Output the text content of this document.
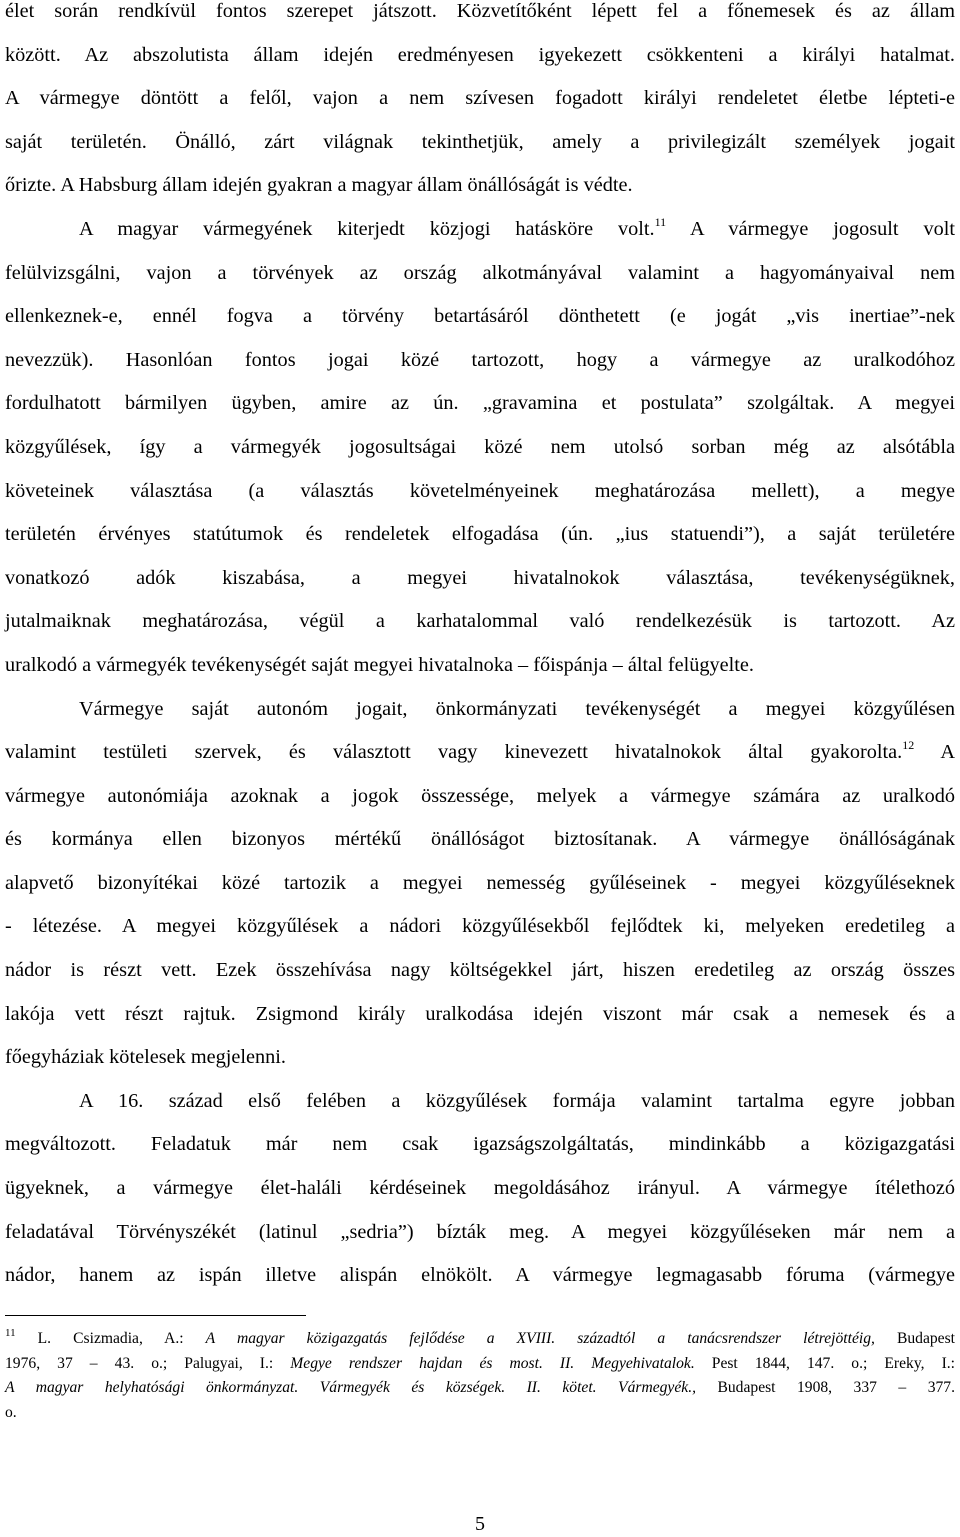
élet során rendkívül fontos szerepet játszott. Közvetítőként lépett fel a főnemesek és az állam
között. Az abszolutista állam idején eredményesen igyekezett csökkenteni a királyi hatalmat.
A vármegye döntött a felől, vajon a nem szívesen fogadott királyi rendeletet életbe lépteti-e
saját területén. Önálló, zárt világnak tekinthetjük, amely a privilegizált személyek jogait
őrizte. A Habsburg állam idején gyakran a magyar állam önállóságát is védte.
A magyar vármegyének kiterjedt közjogi hatásköre volt.$^{11}$ A vármegye jogosult volt
felülvizsgálni, vajon a törvények az ország alkotmányával valamint a hagyományaival nem
ellenkeznek-e, ennél fogva a törvény betartásáról dönthetett (e jogát „vis inertiae”-nek
nevezzük). Hasonlóan fontos jogai közé tartozott, hogy a vármegye az uralkodóhoz
fordulhatott bármilyen ügyben, amire az ún. „gravamina et postulata” szolgáltak. A megyei
közgyűlések, így a vármegyék jogosultságai közé nem utolsó sorban még az alsótábla
követeinek választása (a választás követelményeinek meghatározása mellett), a megye
területén érvényes statútumok és rendeletek elfogadása (ún. „ius statuendi”), a saját területére
vonatkozó adók kiszabása, a megyei hivatalnokok választása, tevékenységüknek,
jutalmaiknak meghatározása, végül a karhatalommal való rendelkezésük is tartozott. Az
uralkodó a vármegyék tevékenységét saját megyei hivatalnoka – főispánja – által felügyelte.
Vármegye saját autonóm jogait, önkormányzati tevékenységét a megyei közgyűlésen
valamint testületi szervek, és választott vagy kinevezett hivatalnokok által gyakorolta.$^{12}$ A
vármegye autonómiája azoknak a jogok összessége, melyek a vármegye számára az uralkodó
és kormánya ellen bizonyos mértékű önállóságot biztosítanak. A vármegye önállóságának
alapvető bizonyítékai közé tartozik a megyei nemesség gyűléseinek - megyei közgyűléseknek
- létezése. A megyei közgyűlések a nádori közgyűlésekből fejlődtek ki, melyeken eredetileg a
nádor is részt vett. Ezek összehívása nagy költségekkel járt, hiszen eredetileg az ország összes
lakója vett részt rajtuk. Zsigmond király uralkodása idején viszont már csak a nemesek és a
főegyháziak kötelesek megjelenni.
A 16. század első felében a közgyűlések formája valamint tartalma egyre jobban
megváltozott. Feladatuk már nem csak igazságszolgáltatás, mindinkább a közigazgatási
ügyeknek, a vármegye élet-haláli kérdéseinek megoldásához irányul. A vármegye ítélethozó
feladatával Törvényszékét (latinul „sedria”) bízták meg. A megyei közgyűléseken már nem a
nádor, hanem az ispán illetve alispán elnökölt. A vármegye legmagasabb fóruma (vármegye
$^{11}$ L. Csizmadia, A.: A magyar közigazgatás fejlődése a XVIII. századtól a tanácsrendszer létrejöttéig, Budapest
1976, 37 – 43. o.; Palugyai, I.: Megye rendszer hajdan és most. II. Megyehivatalok. Pest 1844, 147. o.; Ereky, I.:
A magyar helyhatósági önkormányzat. Vármegyék és községek. II. kötet. Vármegyék., Budapest 1908, 337 – 377.
o.
5
